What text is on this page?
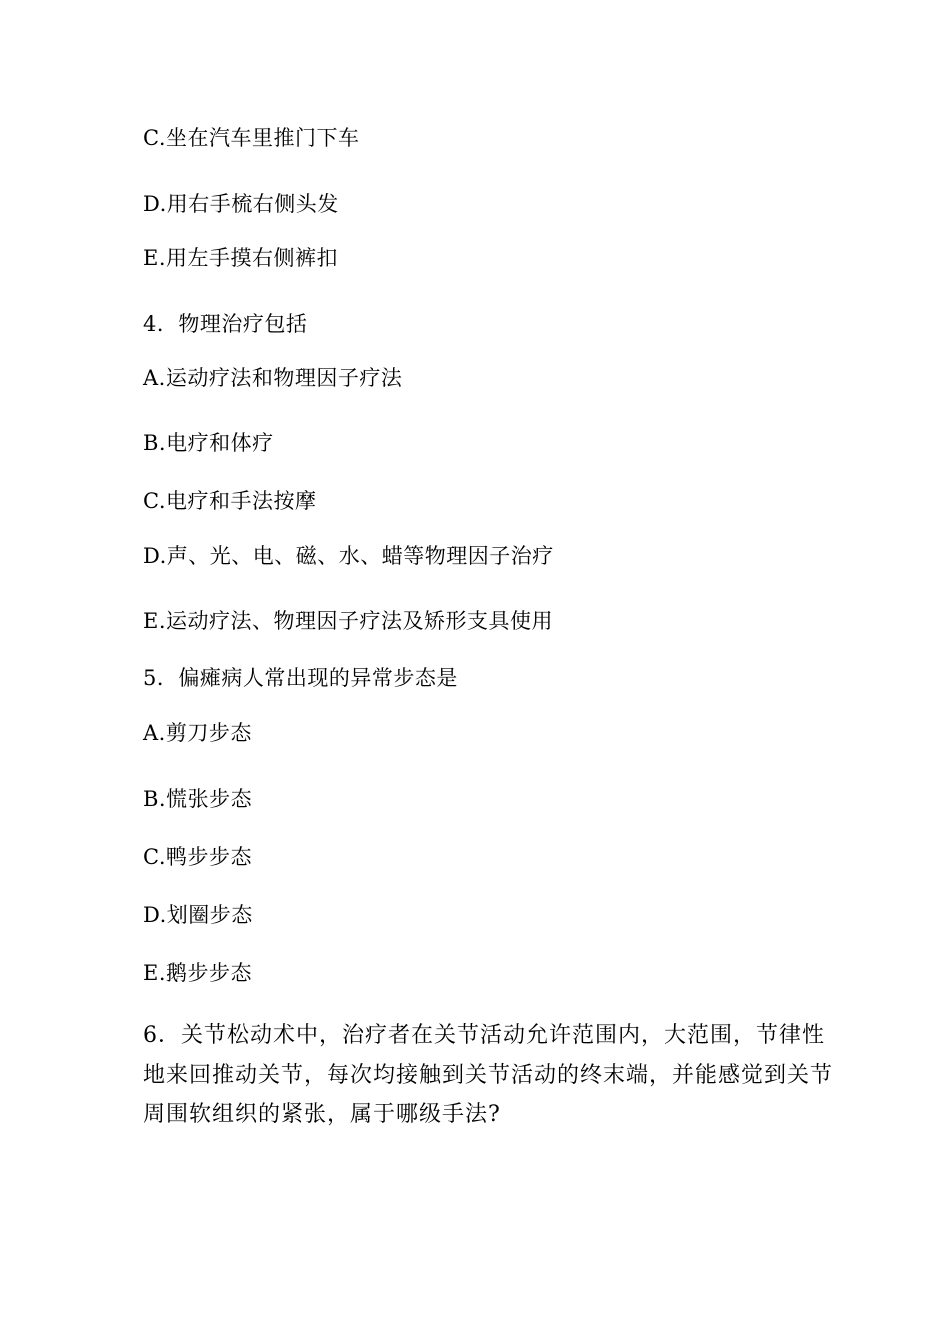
C.坐在汽车里推门下车
D.用右手梳右侧头发
E.用左手摸右侧裤扣
4．物理治疗包括
A.运动疗法和物理因子疗法
B.电疗和体疗
C.电疗和手法按摩
D.声、光、电、磁、水、蜡等物理因子治疗
E.运动疗法、物理因子疗法及矫形支具使用
5．偏瘫病人常出现的异常步态是
A.剪刀步态
B.慌张步态
C.鸭步步态
D.划圈步态
E.鹅步步态
6．关节松动术中，治疗者在关节活动允许范围内，大范围，节律性
地来回推动关节，每次均接触到关节活动的终末端，并能感觉到关节
周围软组织的紧张，属于哪级手法?
